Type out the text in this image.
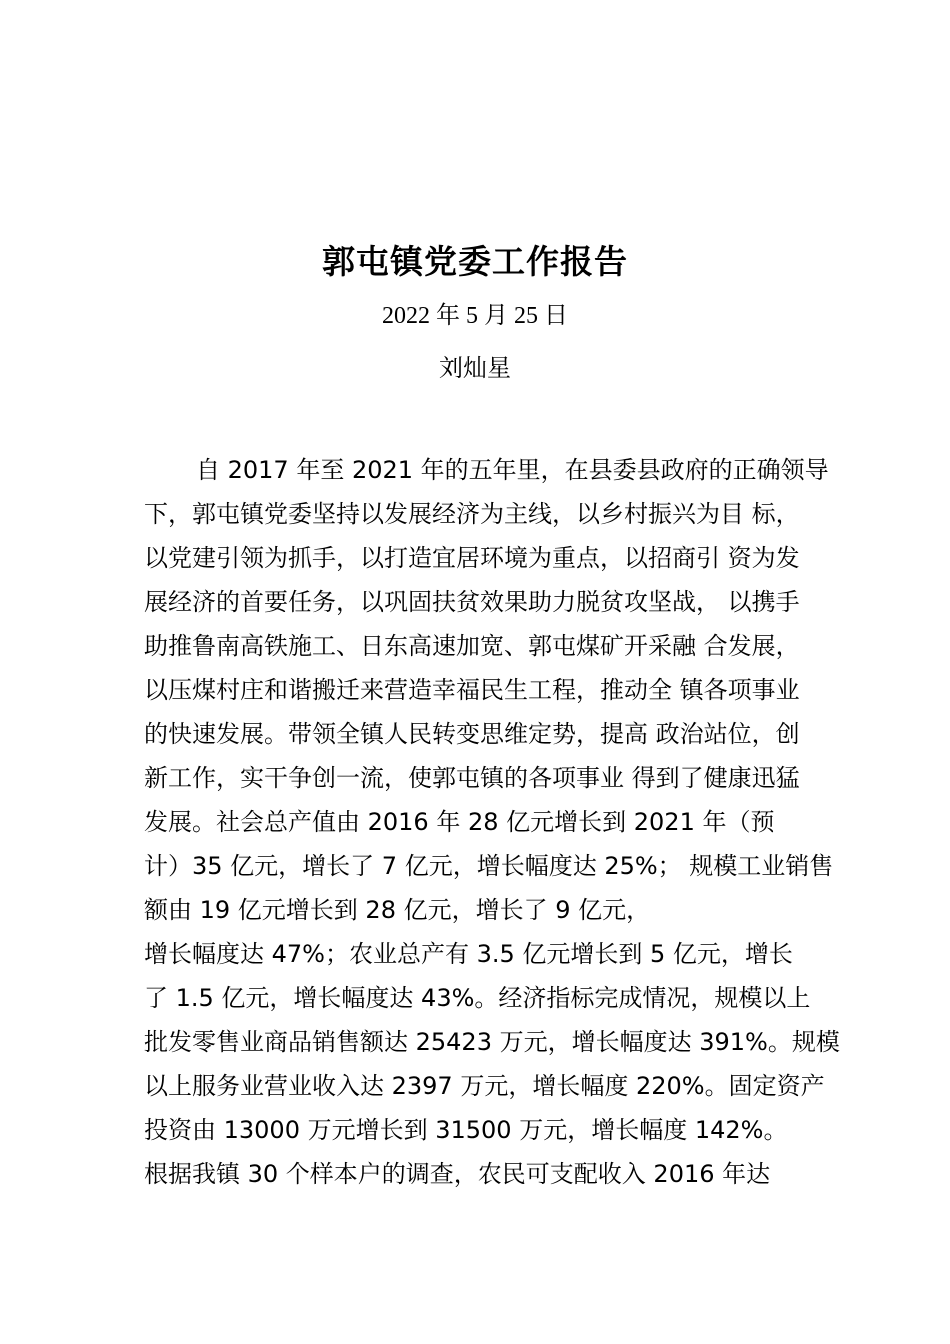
郭屯镇党委工作报告
2022 年 5 月 25 日
刘灿星
自 2017 年至 2021 年的五年里，在县委县政府的正确领导
下，郭屯镇党委坚持以发展经济为主线，以乡村振兴为目 标，
以党建引领为抓手，以打造宜居环境为重点，以招商引 资为发
展经济的首要任务，以巩固扶贫效果助力脱贫攻坚战， 以携手
助推鲁南高铁施工、日东高速加宽、郭屯煤矿开采融 合发展，
以压煤村庄和谐搬迁来营造幸福民生工程，推动全 镇各项事业
的快速发展。带领全镇人民转变思维定势，提高 政治站位，创
新工作，实干争创一流，使郭屯镇的各项事业 得到了健康迅猛
发展。社会总产值由 2016 年 28 亿元增长到 2021 年（预
计）35 亿元，增长了 7 亿元，增长幅度达 25%； 规模工业销售
额由 19 亿元增长到 28 亿元，增长了 9 亿元，
增长幅度达 47%；农业总产有 3.5 亿元增长到 5 亿元，增长
了 1.5 亿元，增长幅度达 43%。经济指标完成情况，规模以上
批发零售业商品销售额达 25423 万元，增长幅度达 391%。规模
以上服务业营业收入达 2397 万元，增长幅度 220%。固定资产
投资由 13000 万元增长到 31500 万元，增长幅度 142%。
根据我镇 30 个样本户的调查，农民可支配收入 2016 年达
